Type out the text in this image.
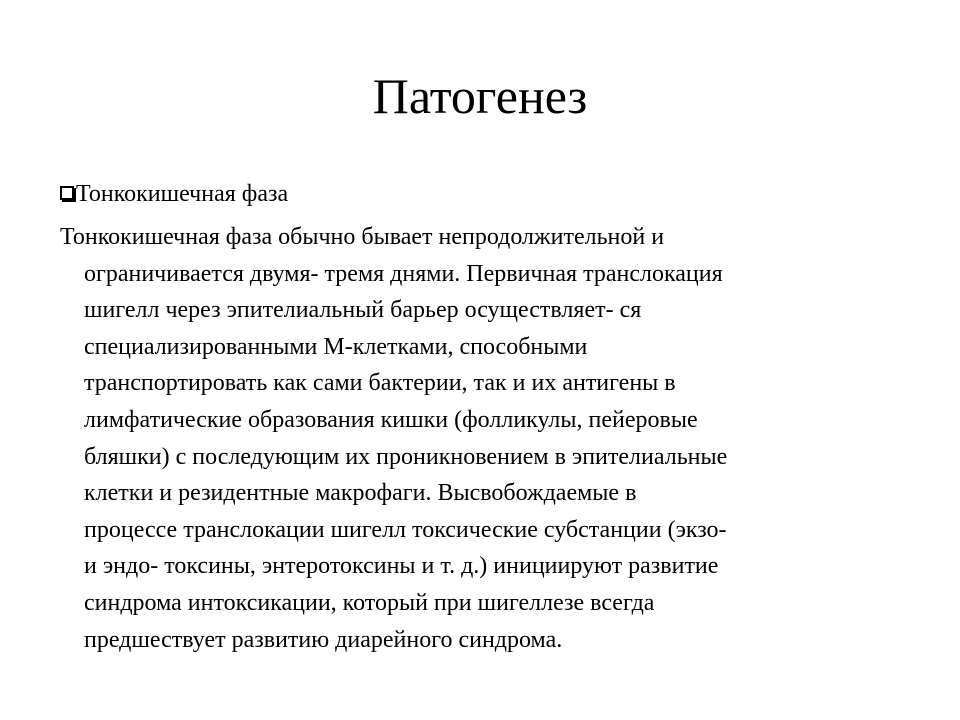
Патогенез
Тонкокишечная фаза
Тонкокишечная фаза обычно бывает непродолжительной и
ограничивается двумя- тремя днями. Первичная транслокация
шигелл через эпителиальный барьер осуществляет- ся
специализированными М-клетками, способными
транспортировать как сами бактерии, так и их антигены в
лимфатические образования кишки (фолликулы, пейеровые
бляшки) с последующим их проникновением в эпителиальные
клетки и резидентные макрофаги. Высвобождаемые в
процессе транслокации шигелл токсические субстанции (экзо-
и эндо- токсины, энтеротоксины и т. д.) инициируют развитие
синдрома интоксикации, который при шигеллезе всегда
предшествует развитию диарейного синдрома.
